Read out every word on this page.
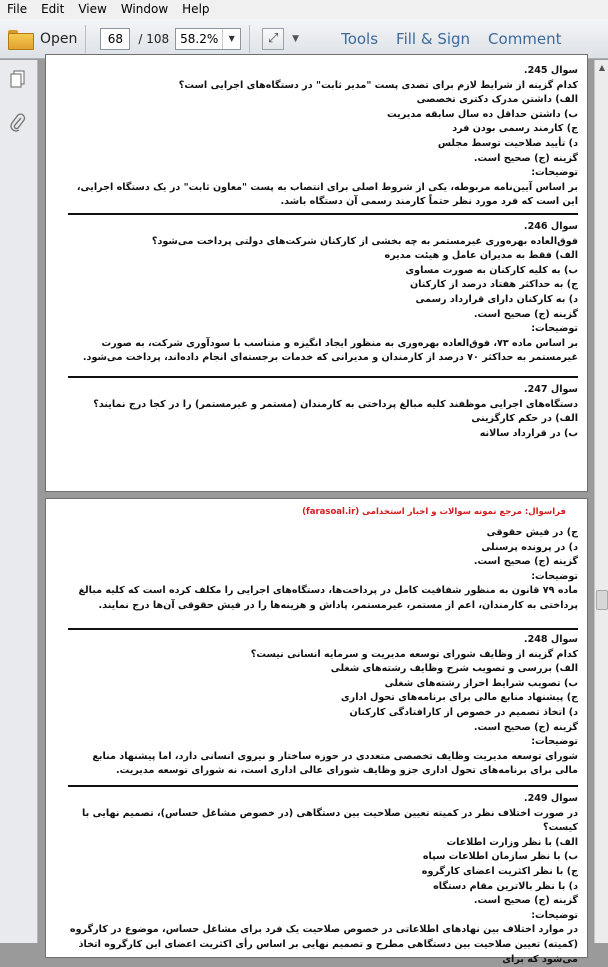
File	Edit	View	Window	Help
Open	68	/ 108 58.2%	▼	⤢	▼	Tools Fill & Sign Comment
سوال 245.
کدام گزینه از شرایط لازم برای تصدی پست "مدیر ثابت" در دستگاه‌های اجرایی است؟
الف) داشتن مدرک دکتری تخصصی
ب) داشتن حداقل ده سال سابقه مدیریت
ج) کارمند رسمی بودن فرد
د) تأیید صلاحیت توسط مجلس
گزینه (ج) صحیح است.
توضیحات:
بر اساس آیین‌نامه مربوطه، یکی از شروط اصلی برای انتصاب به پست "معاون ثابت" در یک دستگاه اجرایی، این است که فرد مورد نظر حتماً کارمند رسمی آن دستگاه باشد.
سوال 246.
فوق‌العاده بهره‌وری غیرمستمر به چه بخشی از کارکنان شرکت‌های دولتی پرداخت می‌شود؟
الف) فقط به مدیران عامل و هیئت مدیره
ب) به کلیه کارکنان به صورت مساوی
ج) به حداکثر هفتاد درصد از کارکنان
د) به کارکنان دارای قرارداد رسمی
گزینه (ج) صحیح است.
توضیحات:
بر اساس ماده ۷۳، فوق‌العاده بهره‌وری به منظور ایجاد انگیزه و متناسب با سودآوری شرکت، به صورت غیرمستمر به حداکثر ۷۰ درصد از کارمندان و مدیرانی که خدمات برجسته‌ای انجام داده‌اند، پرداخت می‌شود.
سوال 247.
دستگاه‌های اجرایی موظفند کلیه مبالغ پرداختی به کارمندان (مستمر و غیرمستمر) را در کجا درج نمایند؟
الف) در حکم کارگزینی
ب) در قرارداد سالانه
فراسوال: مرجع نمونه سوالات و اخبار استخدامی (farasoal.ir)
ج) در فیش حقوقی
د) در پرونده پرسنلی
گزینه (ج) صحیح است.
توضیحات:
ماده ۷۹ قانون به منظور شفافیت کامل در پرداخت‌ها، دستگاه‌های اجرایی را مکلف کرده است که کلیه مبالغ پرداختی به کارمندان، اعم از مستمر، غیرمستمر، پاداش و هزینه‌ها را در فیش حقوقی آن‌ها درج نمایند.
سوال 248.
کدام گزینه از وظایف شورای توسعه مدیریت و سرمایه انسانی نیست؟
الف) بررسی و تصویب شرح وظایف رشته‌های شغلی
ب) تصویب شرایط احراز رشته‌های شغلی
ج) پیشنهاد منابع مالی برای برنامه‌های تحول اداری
د) اتخاذ تصمیم در خصوص از کارافتادگی کارکنان
گزینه (ج) صحیح است.
توضیحات:
شورای توسعه مدیریت وظایف تخصصی متعددی در حوزه ساختار و نیروی انسانی دارد، اما پیشنهاد منابع مالی برای برنامه‌های تحول اداری جزو وظایف شورای عالی اداری است، نه شورای توسعه مدیریت.
سوال 249.
در صورت اختلاف نظر در کمیته تعیین صلاحیت بین دستگاهی (در خصوص مشاغل حساس)، تصمیم نهایی با کیست؟
الف) با نظر وزارت اطلاعات
ب) با نظر سازمان اطلاعات سپاه
ج) با نظر اکثریت اعضای کارگروه
د) با نظر بالاترین مقام دستگاه
گزینه (ج) صحیح است.
توضیحات:
در موارد اختلاف بین نهادهای اطلاعاتی در خصوص صلاحیت یک فرد برای مشاغل حساس، موضوع در کارگروه (کمیته) تعیین صلاحیت بین دستگاهی مطرح و تصمیم نهایی بر اساس رأی اکثریت اعضای این کارگروه اتخاذ می‌شود که برای
▲
